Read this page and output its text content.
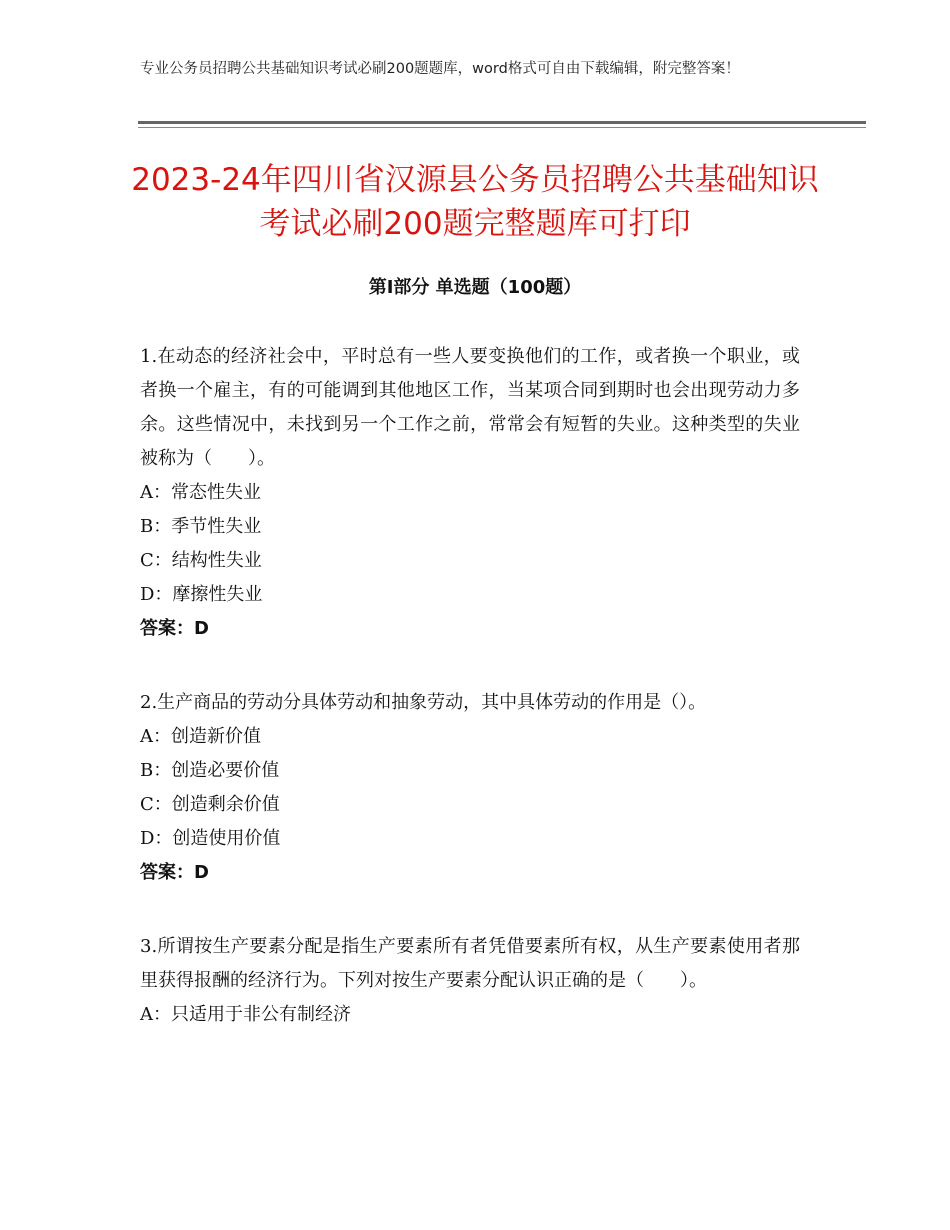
专业公务员招聘公共基础知识考试必刷200题题库，word格式可自由下载编辑，附完整答案！
2023-24年四川省汉源县公务员招聘公共基础知识考试必刷200题完整题库可打印
第Ⅰ部分 单选题（100题）

1.在动态的经济社会中，平时总有一些人要变换他们的工作，或者换一个职业，或者换一个雇主，有的可能调到其他地区工作，当某项合同到期时也会出现劳动力多余。这些情况中，未找到另一个工作之前，常常会有短暂的失业。这种类型的失业被称为（　　）。

A：常态性失业

B：季节性失业

C：结构性失业

D：摩擦性失业

答案：D

2.生产商品的劳动分具体劳动和抽象劳动，其中具体劳动的作用是（）。

A：创造新价值

B：创造必要价值

C：创造剩余价值

D：创造使用价值

答案：D

3.所谓按生产要素分配是指生产要素所有者凭借要素所有权，从生产要素使用者那里获得报酬的经济行为。下列对按生产要素分配认识正确的是（　　）。

A：只适用于非公有制经济
